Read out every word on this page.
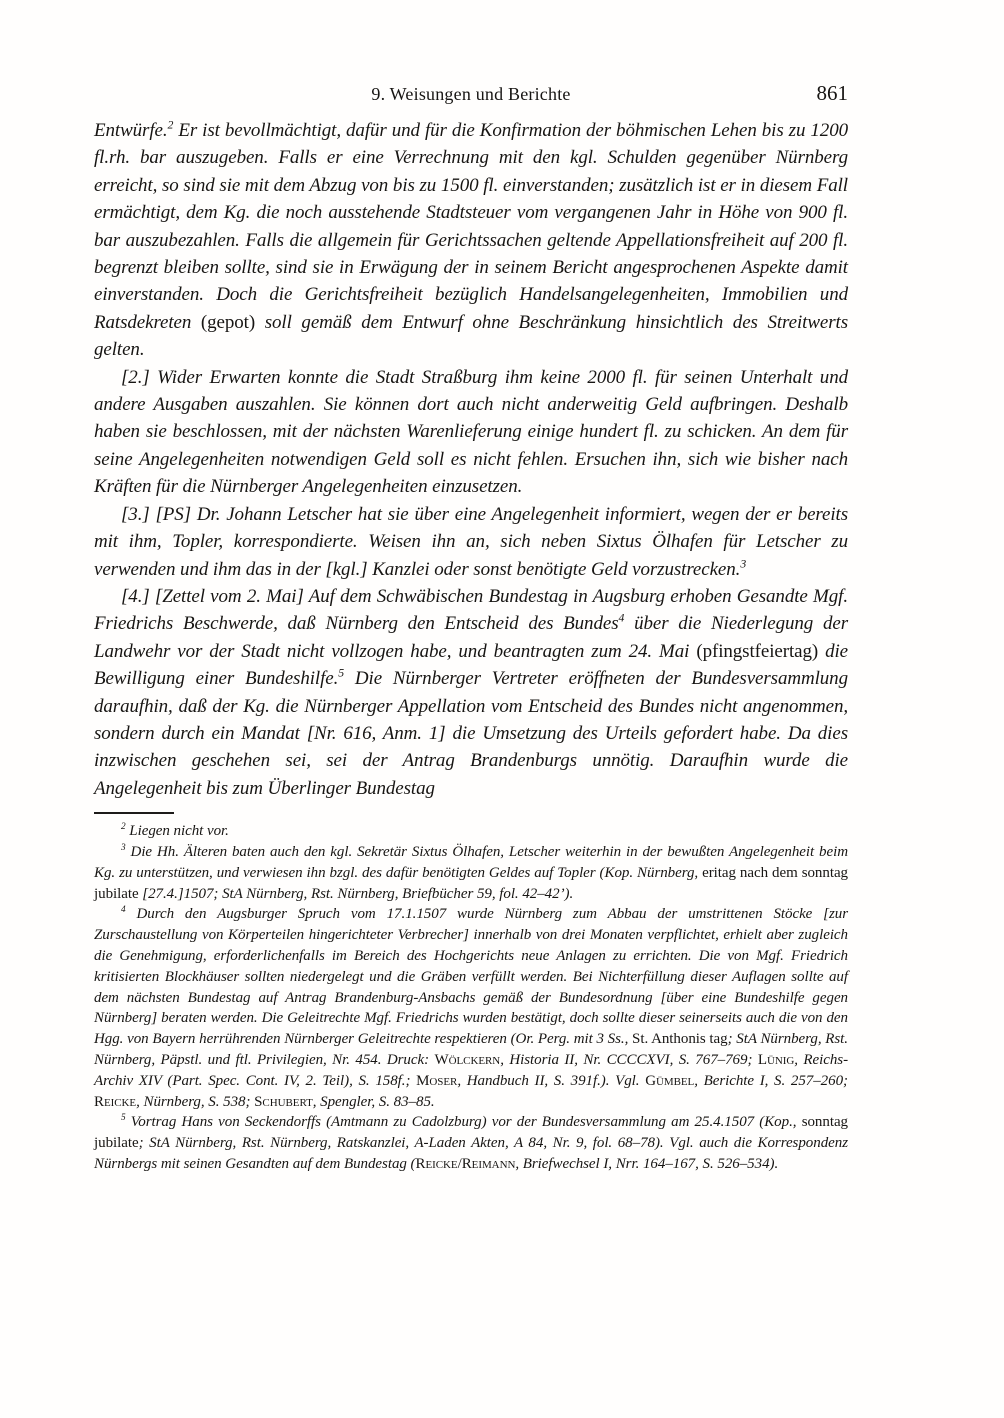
9. Weisungen und Berichte	861

Entwürfe.$^2$ Er ist bevollmächtigt, dafür und für die Konfirmation der böhmischen Lehen bis zu 1200 fl.rh. bar auszugeben. Falls er eine Verrechnung mit den kgl. Schulden gegenüber Nürnberg erreicht, so sind sie mit dem Abzug von bis zu 1500 fl. einverstanden; zusätzlich ist er in diesem Fall ermächtigt, dem Kg. die noch ausstehende Stadtsteuer vom vergangenen Jahr in Höhe von 900 fl. bar auszubezahlen. Falls die allgemein für Gerichtssachen geltende Appellationsfreiheit auf 200 fl. begrenzt bleiben sollte, sind sie in Erwägung der in seinem Bericht angesprochenen Aspekte damit einverstanden. Doch die Gerichtsfreiheit bezüglich Handelsangelegenheiten, Immobilien und Ratsdekreten (gepot) soll gemäß dem Entwurf ohne Beschränkung hinsichtlich des Streitwerts gelten.

[2.] Wider Erwarten konnte die Stadt Straßburg ihm keine 2000 fl. für seinen Unterhalt und andere Ausgaben auszahlen. Sie können dort auch nicht anderweitig Geld aufbringen. Deshalb haben sie beschlossen, mit der nächsten Warenlieferung einige hundert fl. zu schicken. An dem für seine Angelegenheiten notwendigen Geld soll es nicht fehlen. Ersuchen ihn, sich wie bisher nach Kräften für die Nürnberger Angelegenheiten einzusetzen.

[3.] [PS] Dr. Johann Letscher hat sie über eine Angelegenheit informiert, wegen der er bereits mit ihm, Topler, korrespondierte. Weisen ihn an, sich neben Sixtus Ölhafen für Letscher zu verwenden und ihm das in der [kgl.] Kanzlei oder sonst benötigte Geld vorzustrecken.$^3$

[4.] [Zettel vom 2. Mai] Auf dem Schwäbischen Bundestag in Augsburg erhoben Gesandte Mgf. Friedrichs Beschwerde, daß Nürnberg den Entscheid des Bundes$^4$ über die Niederlegung der Landwehr vor der Stadt nicht vollzogen habe, und beantragten zum 24. Mai (pfingstfeiertag) die Bewilligung einer Bundeshilfe.$^5$ Die Nürnberger Vertreter eröffneten der Bundesversammlung daraufhin, daß der Kg. die Nürnberger Appellation vom Entscheid des Bundes nicht angenommen, sondern durch ein Mandat [Nr. 616, Anm. 1] die Umsetzung des Urteils gefordert habe. Da dies inzwischen geschehen sei, sei der Antrag Brandenburgs unnötig. Daraufhin wurde die Angelegenheit bis zum Überlinger Bundestag

$^2$ Liegen nicht vor.

$^3$ Die Hh. Älteren baten auch den kgl. Sekretär Sixtus Ölhafen, Letscher weiterhin in der bewußten Angelegenheit beim Kg. zu unterstützen, und verwiesen ihn bzgl. des dafür benötigten Geldes auf Topler (Kop. Nürnberg, eritag nach dem sonntag jubilate [27.4.]1507; StA Nürnberg, Rst. Nürnberg, Briefbücher 59, fol. 42–42’).

$^4$ Durch den Augsburger Spruch vom 17.1.1507 wurde Nürnberg zum Abbau der umstrittenen Stöcke [zur Zurschaustellung von Körperteilen hingerichteter Verbrecher] innerhalb von drei Monaten verpflichtet, erhielt aber zugleich die Genehmigung, erforderlichenfalls im Bereich des Hochgerichts neue Anlagen zu errichten. Die von Mgf. Friedrich kritisierten Blockhäuser sollten niedergelegt und die Gräben verfüllt werden. Bei Nichterfüllung dieser Auflagen sollte auf dem nächsten Bundestag auf Antrag Brandenburg-Ansbachs gemäß der Bundesordnung [über eine Bundeshilfe gegen Nürnberg] beraten werden. Die Geleitrechte Mgf. Friedrichs wurden bestätigt, doch sollte dieser seinerseits auch die von den Hgg. von Bayern herrührenden Nürnberger Geleitrechte respektieren (Or. Perg. mit 3 Ss., St. Anthonis tag; StA Nürnberg, Rst. Nürnberg, Päpstl. und ftl. Privilegien, Nr. 454. Druck: Wölckern, Historia II, Nr. CCCCXVI, S. 767–769; Lünig, Reichs-Archiv XIV (Part. Spec. Cont. IV, 2. Teil), S. 158f.; Moser, Handbuch II, S. 391f.). Vgl. Gümbel, Berichte I, S. 257–260; Reicke, Nürnberg, S. 538; Schubert, Spengler, S. 83–85.

$^5$ Vortrag Hans von Seckendorffs (Amtmann zu Cadolzburg) vor der Bundesversammlung am 25.4.1507 (Kop., sonntag jubilate; StA Nürnberg, Rst. Nürnberg, Ratskanzlei, A-Laden Akten, A 84, Nr. 9, fol. 68–78). Vgl. auch die Korrespondenz Nürnbergs mit seinen Gesandten auf dem Bundestag (Reicke/Reimann, Briefwechsel I, Nrr. 164–167, S. 526–534).
